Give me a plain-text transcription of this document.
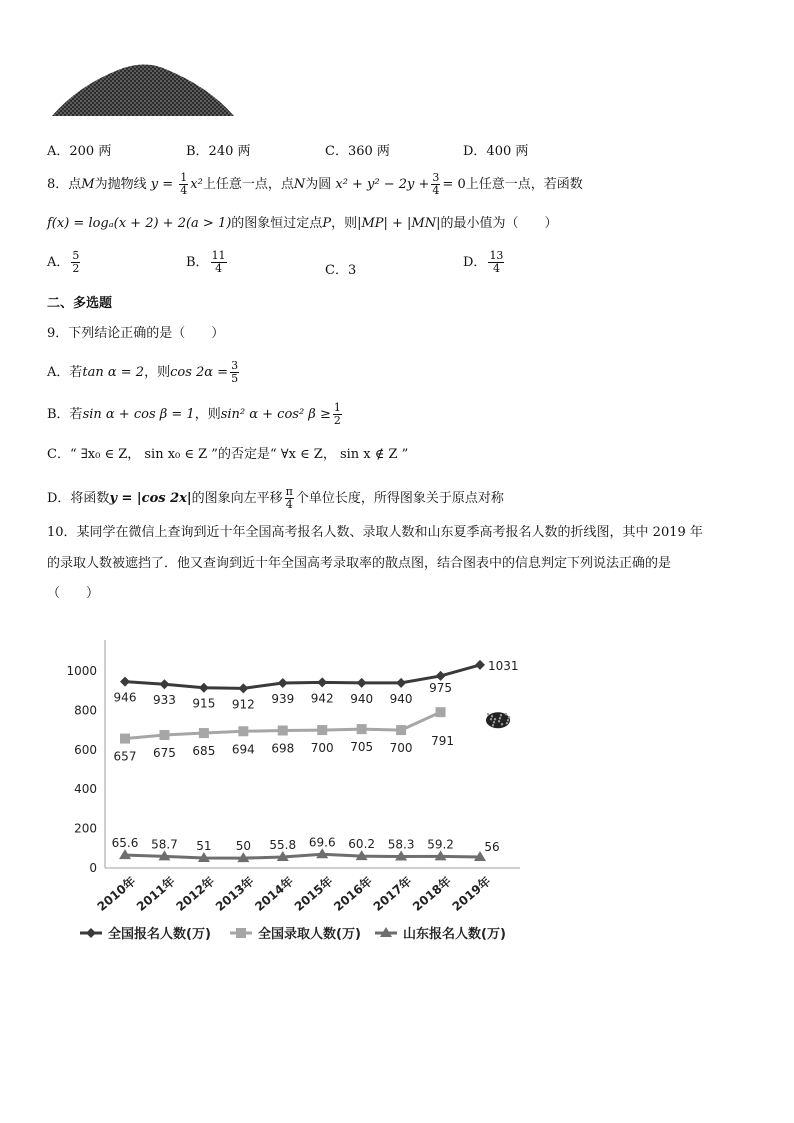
A．200 两	B．240 两	C．360 两	D．400 两
8．点M为抛物线 $y = \frac{1}{4} x^2$上任意一点，点N为圆 $x^2 + y^2 - 2y + \frac{3}{4} = 0$上任意一点，若函数
f(x) = logₐ(x + 2) + 2(a > 1)的图象恒过定点P，则|MP| + |MN|的最小值为（　　）
A． $\frac{5}{2}$	B． $\frac{11}{4}$	C．3
D． $\frac{13}{4}$
二、多选题
9．下列结论正确的是（　　）
A．若tan α = 2，则$\cos 2\alpha = \frac{3}{5}$
B．若sin α + cos β = 1，则sin² α + cos² $\beta \ge \frac{1}{2}$
C．“ ∃x₀ ∈ Z， sin x₀ ∈ Z ”的否定是“ ∀x ∈ Z， sin x ∉ Z ”
D．将函数y = |cos 2x|的图象向左平移 $\frac{\pi}{4}$ 个单位长度，所得图象关于原点对称
10．某同学在微信上查询到近十年全国高考报名人数、录取人数和山东夏季高考报名人数的折线图，其中 2019 年
的录取人数被遮挡了．他又查询到近十年全国高考录取率的散点图，结合图表中的信息判定下列说法正确的是
（　　）
0
200
400
600
800
1000
2010年
2011年
2012年
2013年
2014年
2015年
2016年
2017年
2018年
2019年
946 933 915 912 939 942 940 940
975
1031
657 675 685 694 698 700 705 700 791
65.6 58.7 51 50 55.8 69.6 60.2 58.3 59.2	56
全国报名人数(万)	全国录取人数(万)	山东报名人数(万)
